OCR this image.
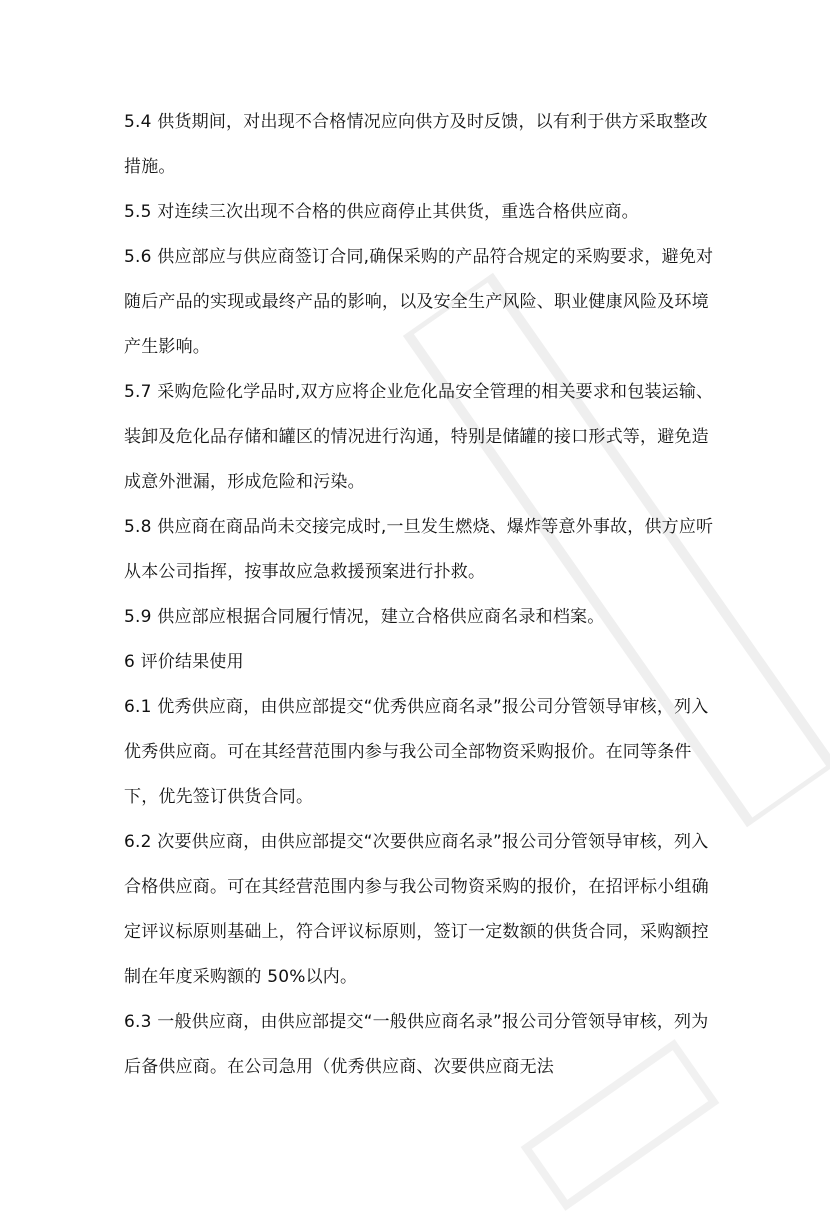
5.4 供货期间，对出现不合格情况应向供方及时反馈，以有利于供方采取整改措施。

5.5 对连续三次出现不合格的供应商停止其供货，重选合格供应商。

5.6 供应部应与供应商签订合同,确保采购的产品符合规定的采购要求，避免对随后产品的实现或最终产品的影响，以及安全生产风险、职业健康风险及环境产生影响。

5.7 采购危险化学品时,双方应将企业危化品安全管理的相关要求和包装运输、装卸及危化品存储和罐区的情况进行沟通，特别是储罐的接口形式等，避免造成意外泄漏，形成危险和污染。

5.8 供应商在商品尚未交接完成时,一旦发生燃烧、爆炸等意外事故，供方应听从本公司指挥，按事故应急救援预案进行扑救。

5.9 供应部应根据合同履行情况，建立合格供应商名录和档案。

6 评价结果使用

6.1 优秀供应商，由供应部提交“优秀供应商名录”报公司分管领导审核，列入优秀供应商。可在其经营范围内参与我公司全部物资采购报价。在同等条件下，优先签订供货合同。

6.2 次要供应商，由供应部提交“次要供应商名录”报公司分管领导审核，列入合格供应商。可在其经营范围内参与我公司物资采购的报价，在招评标小组确定评议标原则基础上，符合评议标原则，签订一定数额的供货合同，采购额控制在年度采购额的 50%以内。

6.3 一般供应商，由供应部提交“一般供应商名录”报公司分管领导审核，列为后备供应商。在公司急用（优秀供应商、次要供应商无法
